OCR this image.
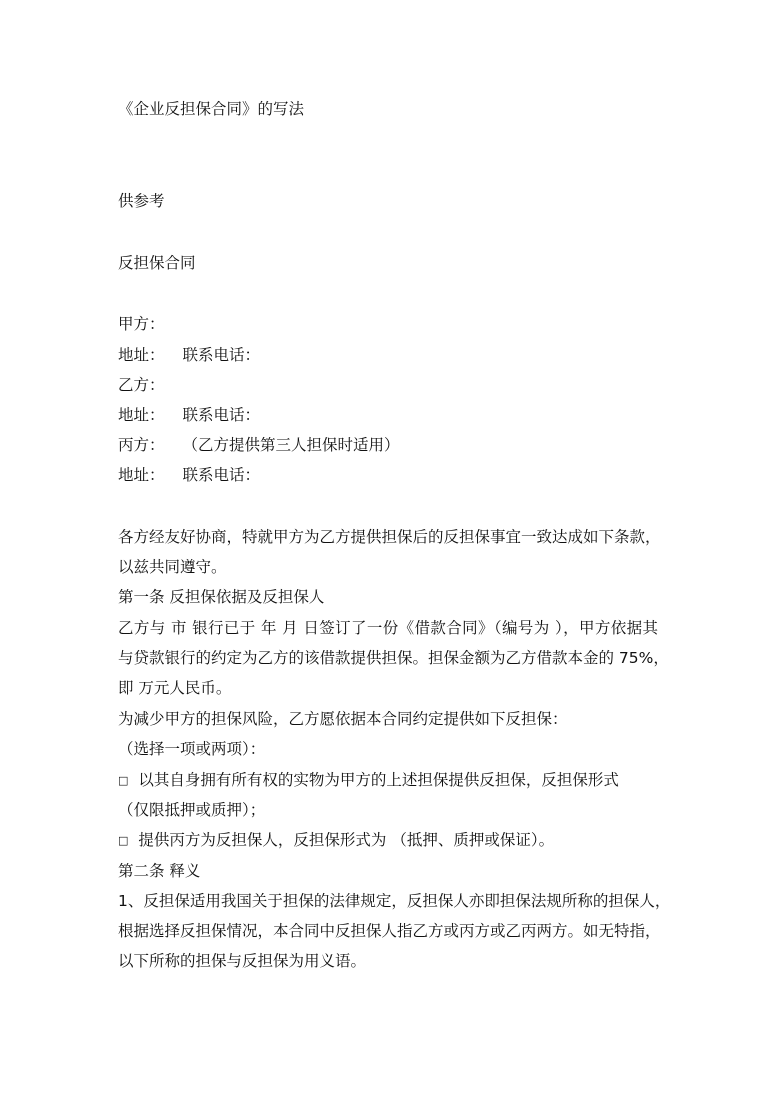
《企业反担保合同》的写法
供参考
反担保合同
甲方：
地址： 联系电话：
乙方：
地址： 联系电话：
丙方： （乙方提供第三人担保时适用）
地址： 联系电话：
各方经友好协商，特就甲方为乙方提供担保后的反担保事宜一致达成如下条款，
以兹共同遵守。
第一条 反担保依据及反担保人
乙方与 市 银行已于 年 月 日签订了一份《借款合同》（编号为 ），甲方依据其
与贷款银行的约定为乙方的该借款提供担保。担保金额为乙方借款本金的 75%，
即 万元人民币。
为减少甲方的担保风险，乙方愿依据本合同约定提供如下反担保：
（选择一项或两项）：
□ 以其自身拥有所有权的实物为甲方的上述担保提供反担保，反担保形式
（仅限抵押或质押）；
□ 提供丙方为反担保人，反担保形式为 （抵押、质押或保证）。
第二条 释义
1、反担保适用我国关于担保的法律规定，反担保人亦即担保法规所称的担保人，
根据选择反担保情况，本合同中反担保人指乙方或丙方或乙丙两方。如无特指，
以下所称的担保与反担保为用义语。
